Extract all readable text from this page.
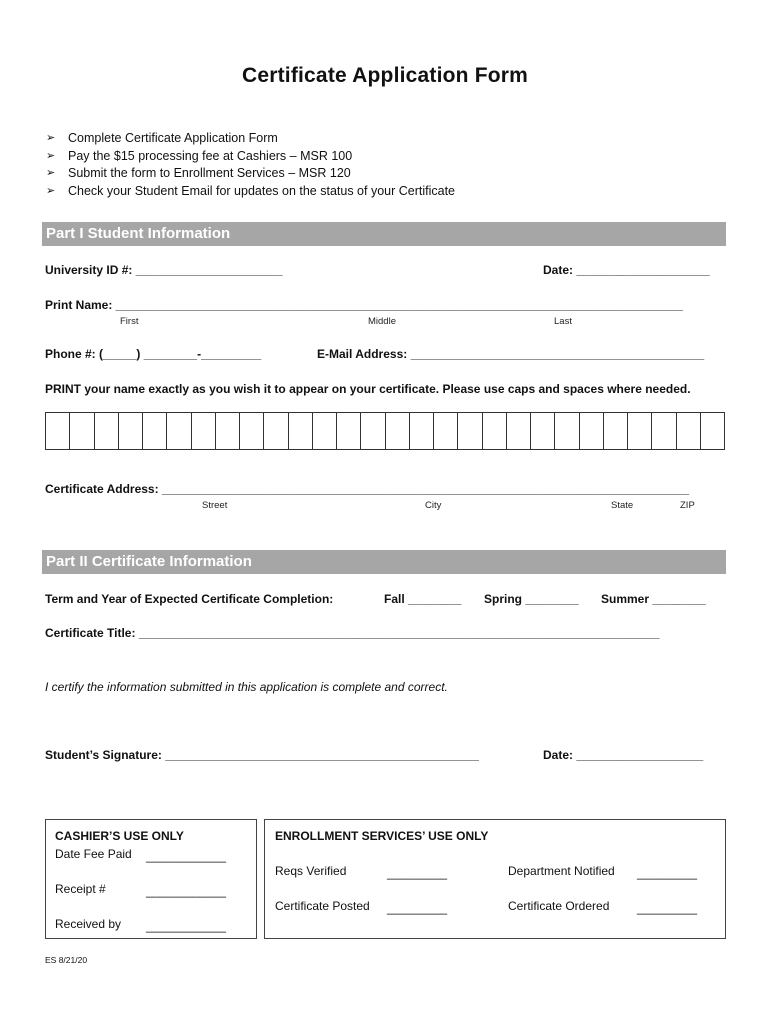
Certificate Application Form
➢	Complete Certificate Application Form
➢	Pay the $15 processing fee at Cashiers – MSR 100
➢	Submit the form to Enrollment Services – MSR 120
➢	Check your Student Email for updates on the status of your Certificate
Part I Student Information
University ID #: ______________________	Date: ____________________
Print Name: _____________________________________________________________________________________
First	Middle	Last
Phone #: (_____) ________-_________	E-Mail Address: ____________________________________________
PRINT your name exactly as you wish it to appear on your certificate. Please use caps and spaces where needed.
Certificate Address: _______________________________________________________________________________
Street	City	State	ZIP
Part II Certificate Information
Term and Year of Expected Certificate Completion:	Fall ________ Spring ________ Summer ________
Certificate Title: ______________________________________________________________________________
I certify the information submitted in this application is complete and correct.
Student’s Signature: _______________________________________________	Date: ___________________
CASHIER’S USE ONLY
Date Fee Paid ____________
Receipt #	____________
Received by ____________
ENROLLMENT SERVICES’ USE ONLY
Reqs Verified	_________	Department Notified _________
Certificate Posted _________	Certificate Ordered _________
ES 8/21/20
